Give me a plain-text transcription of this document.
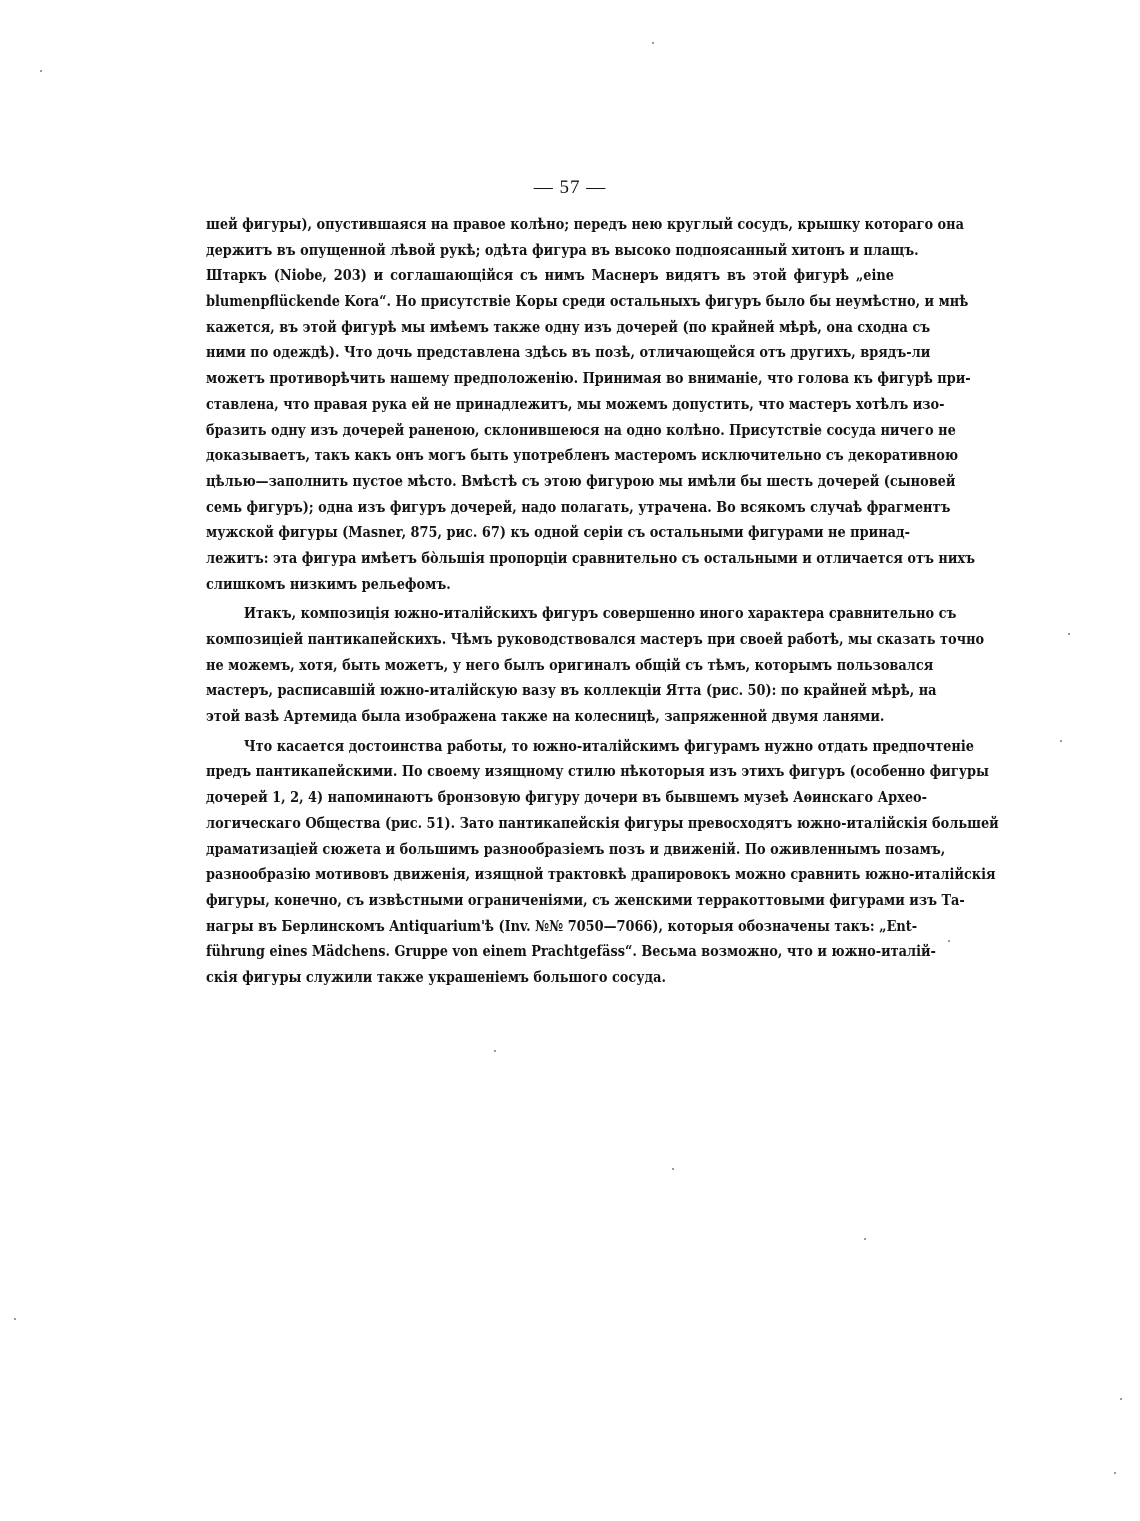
— 57 —
шей фигуры), опустившаяся на правое колѣно; передъ нею круглый сосудъ, крышку котораго она
держитъ въ опущенной лѣвой рукѣ; одѣта фигура въ высоко подпоясанный хитонъ и плащъ.
Штаркъ (Niobe, 203) и соглашающійся съ нимъ Маснеръ видятъ въ этой фигурѣ „eine
blumenpflückende Kora“. Но присутствіе Коры среди остальныхъ фигуръ было бы неумѣстно, и мнѣ
кажется, въ этой фигурѣ мы имѣемъ также одну изъ дочерей (по крайней мѣрѣ, она сходна съ
ними по одеждѣ). Что дочь представлена здѣсь въ позѣ, отличающейся отъ другихъ, врядъ-ли
можетъ противорѣчить нашему предположенію. Принимая во вниманіе, что голова къ фигурѣ при-
ставлена, что правая рука ей не принадлежитъ, мы можемъ допустить, что мастеръ хотѣлъ изо-
бразить одну изъ дочерей раненою, склонившеюся на одно колѣно. Присутствіе сосуда ничего не
доказываетъ, такъ какъ онъ могъ быть употребленъ мастеромъ исключительно съ декоративною
цѣлью—заполнить пустое мѣсто. Вмѣстѣ съ этою фигурою мы имѣли бы шесть дочерей (сыновей
семь фигуръ); одна изъ фигуръ дочерей, надо полагать, утрачена. Во всякомъ случаѣ фрагментъ
мужской фигуры (Masner, 875, рис. 67) къ одной серіи съ остальными фигурами не принад-
лежитъ: эта фигура имѣетъ бо̀льшія пропорціи сравнительно съ остальными и отличается отъ нихъ
слишкомъ низкимъ рельефомъ.
Итакъ, композиція южно-италійскихъ фигуръ совершенно иного характера сравнительно съ
композиціей пантикапейскихъ. Чѣмъ руководствовался мастеръ при своей работѣ, мы сказать точно
не можемъ, хотя, быть можетъ, у него былъ оригиналъ общій съ тѣмъ, которымъ пользовался
мастеръ, расписавшій южно-италійскую вазу въ коллекціи Ятта (рис. 50): по крайней мѣрѣ, на
этой вазѣ Артемида была изображена также на колесницѣ, запряженной двумя ланями.
Что касается достоинства работы, то южно-италійскимъ фигурамъ нужно отдать предпочтеніе
предъ пантикапейскими. По своему изящному стилю нѣкоторыя изъ этихъ фигуръ (особенно фигуры
дочерей 1, 2, 4) напоминаютъ бронзовую фигуру дочери въ бывшемъ музеѣ Аѳинскаго Археo-
логическаго Общества (рис. 51). Зато пантикапейскія фигуры превосходятъ южно-италійскія большей
драматизаціей сюжета и большимъ разнообразіемъ позъ и движеній. По оживленнымъ позамъ,
разнообразію мотивовъ движенія, изящной трактовкѣ драпировокъ можно сравнить южно-италійскія
фигуры, конечно, съ извѣстными ограниченіями, съ женскими терракоттовыми фигурами изъ Та-
нагры въ Берлинскомъ Antiquarium'ѣ (Inv. №№ 7050—7066), которыя обозначены такъ: „Ent-
führung eines Mädchens. Gruppe von einem Prachtgefäss“. Весьма возможно, что и южно-италій-
скія фигуры служили также украшеніемъ большого сосуда.
